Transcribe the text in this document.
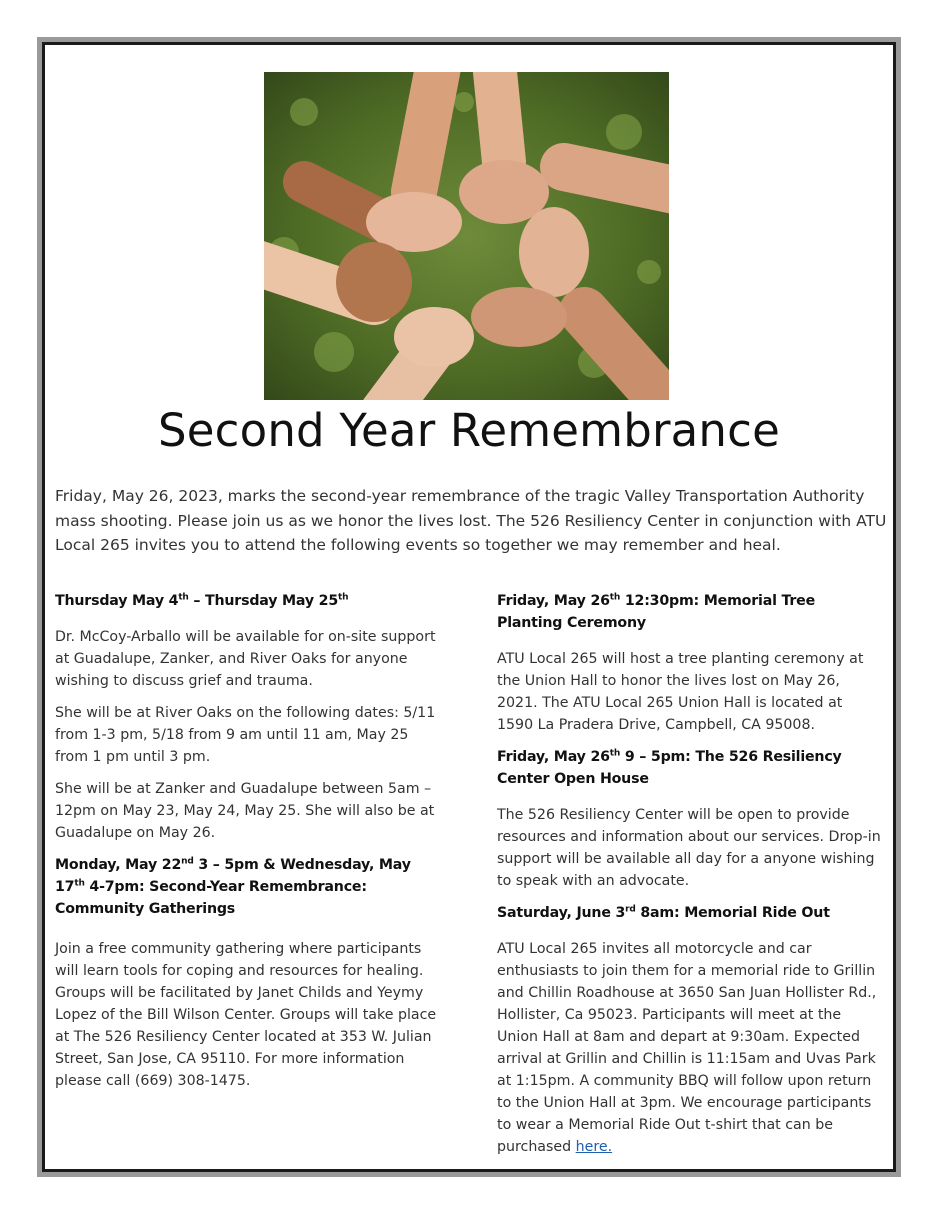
Second Year Remembrance

Friday, May 26, 2023, marks the second-year remembrance of the tragic Valley Transportation Authority mass shooting. Please join us as we honor the lives lost. The 526 Resiliency Center in conjunction with ATU Local 265 invites you to attend the following events so together we may remember and heal.

Thursday May 4th – Thursday May 25th

Dr. McCoy-Arballo will be available for on-site support at Guadalupe, Zanker, and River Oaks for anyone wishing to discuss grief and trauma.

She will be at River Oaks on the following dates: 5/11 from 1-3 pm, 5/18 from 9 am until 11 am, May 25 from 1 pm until 3 pm.

She will be at Zanker and Guadalupe between 5am – 12pm on May 23, May 24, May 25. She will also be at Guadalupe on May 26.

Monday, May 22nd 3 – 5pm & Wednesday, May 17th 4-7pm: Second-Year Remembrance: Community Gatherings

Join a free community gathering where participants will learn tools for coping and resources for healing. Groups will be facilitated by Janet Childs and Yeymy Lopez of the Bill Wilson Center. Groups will take place at The 526 Resiliency Center located at 353 W. Julian Street, San Jose, CA 95110. For more information please call (669) 308-1475.

Friday, May 26th 12:30pm: Memorial Tree Planting Ceremony

ATU Local 265 will host a tree planting ceremony at the Union Hall to honor the lives lost on May 26, 2021. The ATU Local 265 Union Hall is located at 1590 La Pradera Drive, Campbell, CA 95008.

Friday, May 26th 9 – 5pm: The 526 Resiliency Center Open House

The 526 Resiliency Center will be open to provide resources and information about our services. Drop-in support will be available all day for a anyone wishing to speak with an advocate.

Saturday, June 3rd 8am: Memorial Ride Out

ATU Local 265 invites all motorcycle and car enthusiasts to join them for a memorial ride to Grillin and Chillin Roadhouse at 3650 San Juan Hollister Rd., Hollister, Ca 95023. Participants will meet at the Union Hall at 8am and depart at 9:30am. Expected arrival at Grillin and Chillin is 11:15am and Uvas Park at 1:15pm. A community BBQ will follow upon return to the Union Hall at 3pm. We encourage participants to wear a Memorial Ride Out t-shirt that can be purchased here.
